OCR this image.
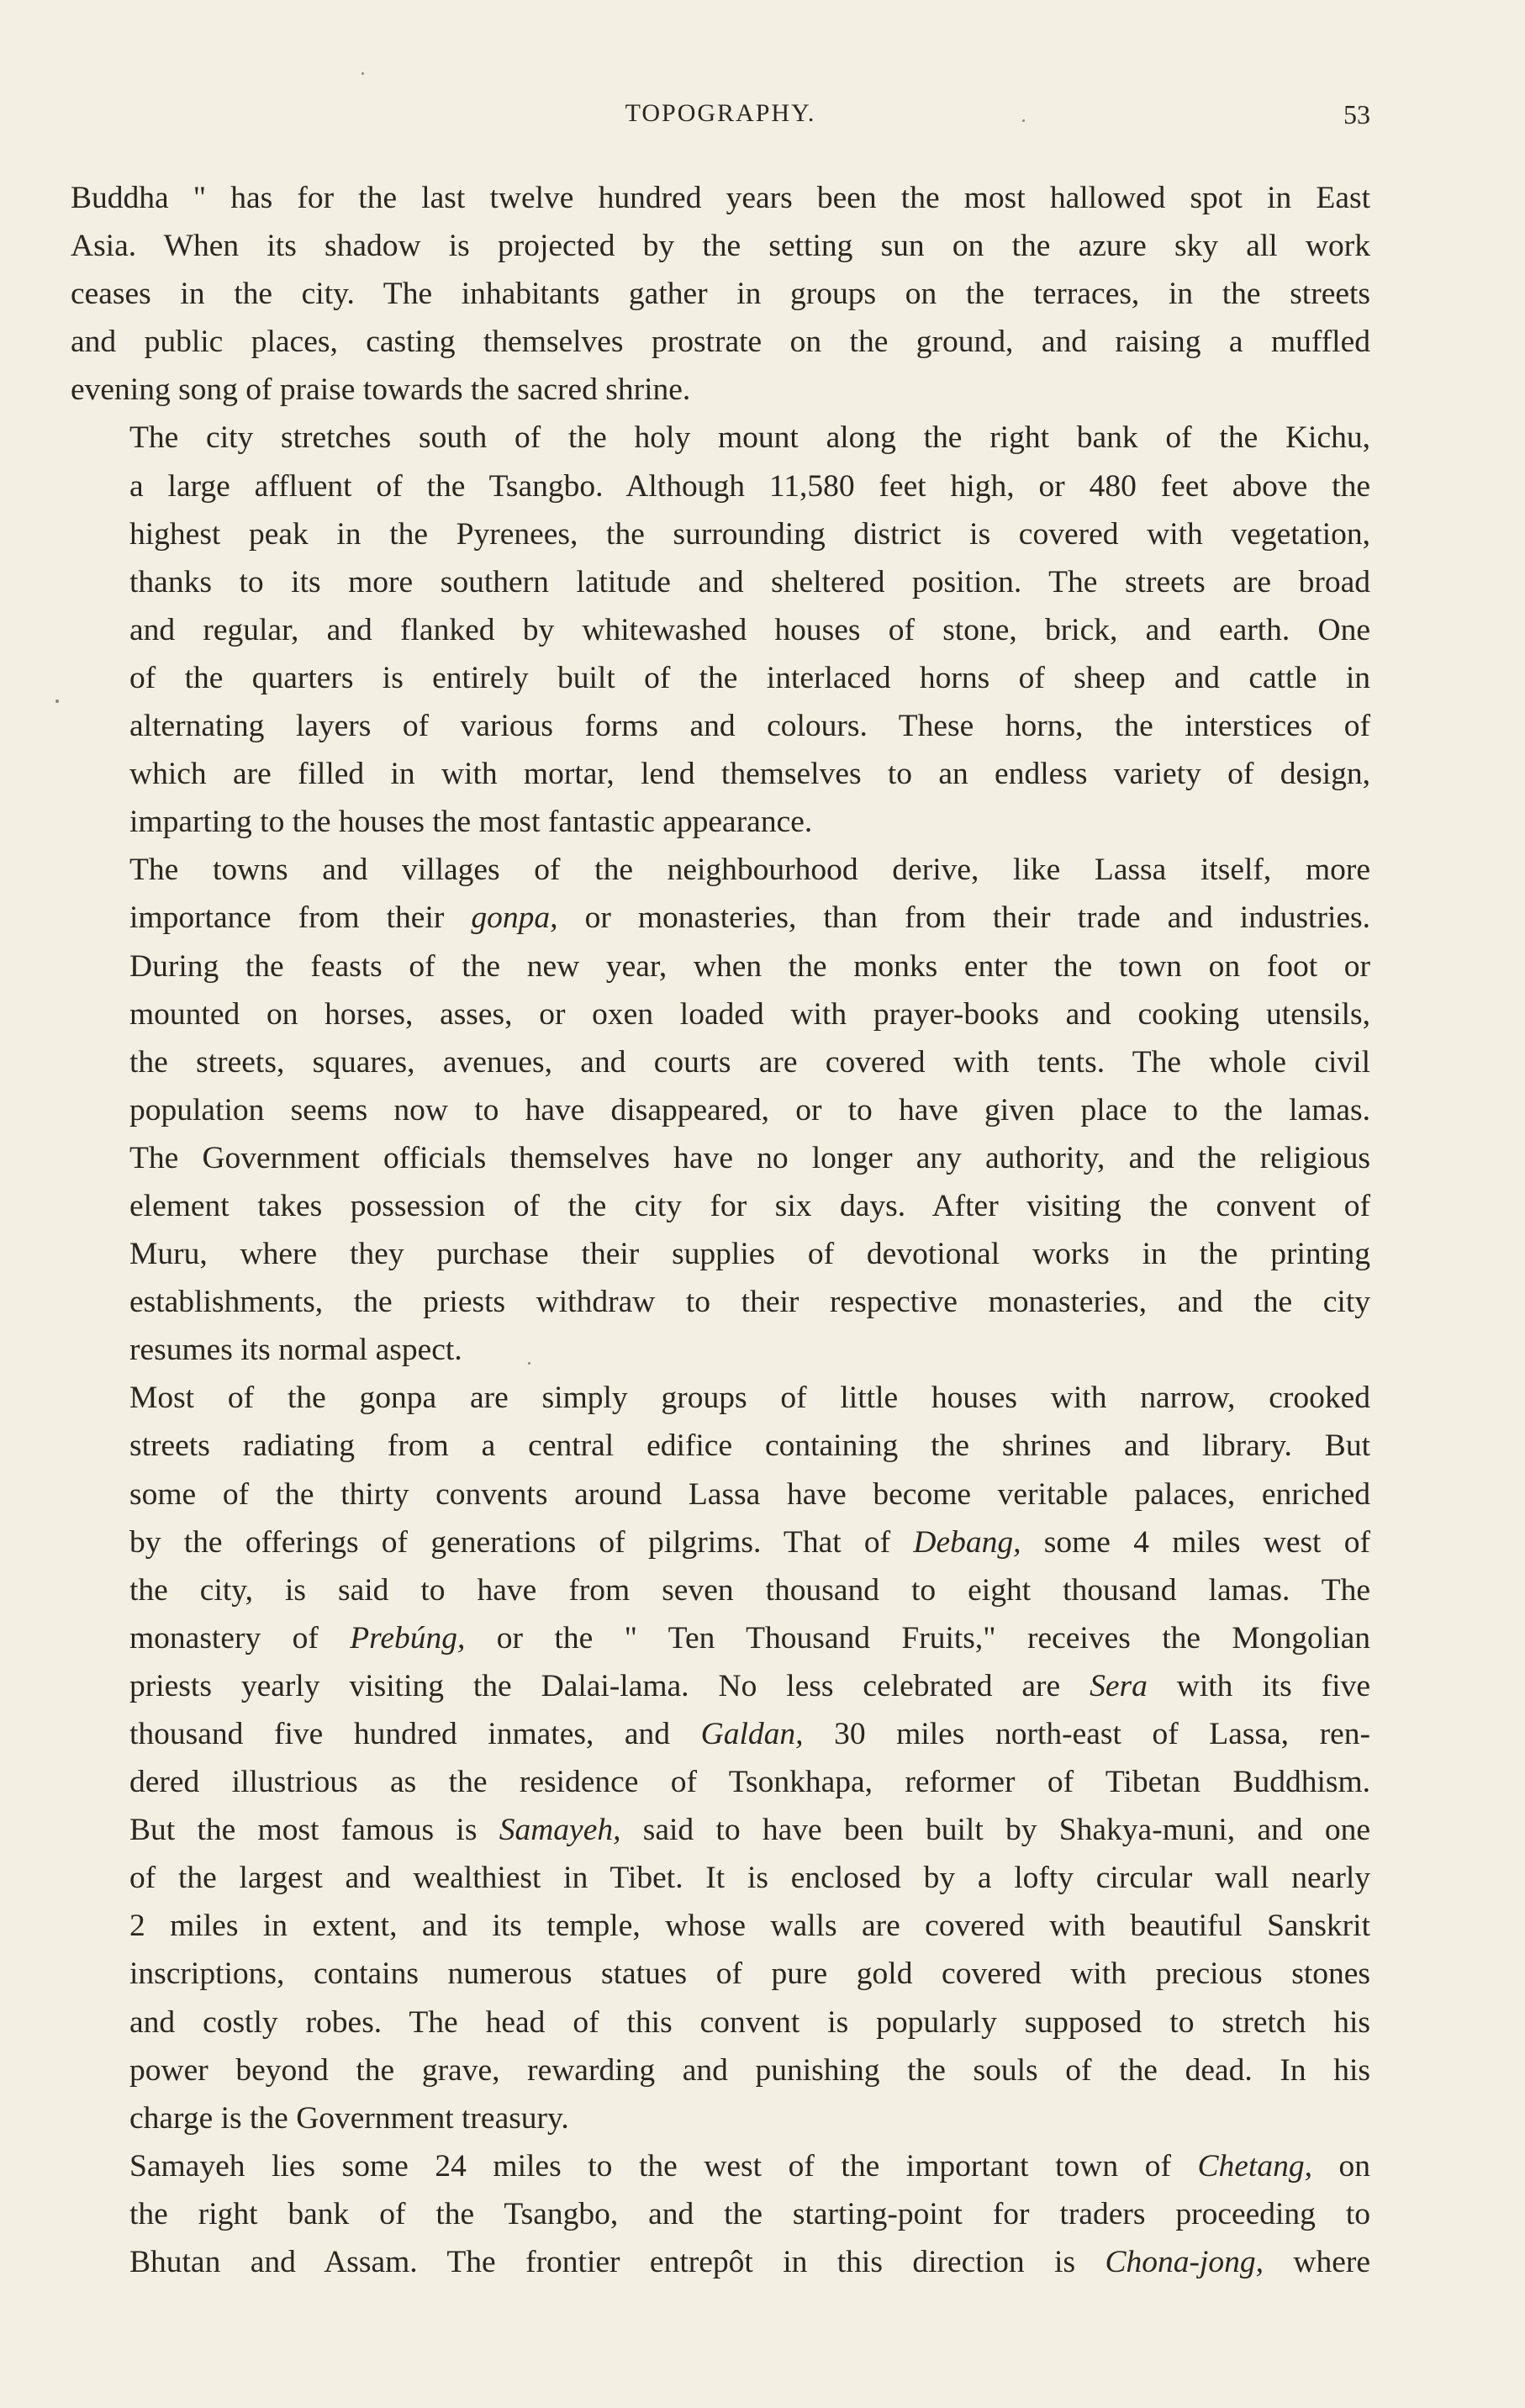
TOPOGRAPHY.	53

Buddha " has for the last twelve hundred years been the most hallowed spot in East
Asia. When its shadow is projected by the setting sun on the azure sky all work
ceases in the city. The inhabitants gather in groups on the terraces, in the streets
and public places, casting themselves prostrate on the ground, and raising a muffled
evening song of praise towards the sacred shrine.

The city stretches south of the holy mount along the right bank of the Kichu,
a large affluent of the Tsangbo. Although 11,580 feet high, or 480 feet above the
highest peak in the Pyrenees, the surrounding district is covered with vegetation,
thanks to its more southern latitude and sheltered position. The streets are broad
and regular, and flanked by whitewashed houses of stone, brick, and earth. One
of the quarters is entirely built of the interlaced horns of sheep and cattle in
alternating layers of various forms and colours. These horns, the interstices of
which are filled in with mortar, lend themselves to an endless variety of design,
imparting to the houses the most fantastic appearance.

The towns and villages of the neighbourhood derive, like Lassa itself, more
importance from their gonpa, or monasteries, than from their trade and industries.
During the feasts of the new year, when the monks enter the town on foot or
mounted on horses, asses, or oxen loaded with prayer-books and cooking utensils,
the streets, squares, avenues, and courts are covered with tents. The whole civil
population seems now to have disappeared, or to have given place to the lamas.
The Government officials themselves have no longer any authority, and the religious
element takes possession of the city for six days. After visiting the convent of
Muru, where they purchase their supplies of devotional works in the printing
establishments, the priests withdraw to their respective monasteries, and the city
resumes its normal aspect.

Most of the gonpa are simply groups of little houses with narrow, crooked
streets radiating from a central edifice containing the shrines and library. But
some of the thirty convents around Lassa have become veritable palaces, enriched
by the offerings of generations of pilgrims. That of Debang, some 4 miles west of
the city, is said to have from seven thousand to eight thousand lamas. The
monastery of Prebúng, or the " Ten Thousand Fruits," receives the Mongolian
priests yearly visiting the Dalai-lama. No less celebrated are Sera with its five
thousand five hundred inmates, and Galdan, 30 miles north-east of Lassa, ren-
dered illustrious as the residence of Tsonkhapa, reformer of Tibetan Buddhism.
But the most famous is Samayeh, said to have been built by Shakya-muni, and one
of the largest and wealthiest in Tibet. It is enclosed by a lofty circular wall nearly
2 miles in extent, and its temple, whose walls are covered with beautiful Sanskrit
inscriptions, contains numerous statues of pure gold covered with precious stones
and costly robes. The head of this convent is popularly supposed to stretch his
power beyond the grave, rewarding and punishing the souls of the dead. In his
charge is the Government treasury.

Samayeh lies some 24 miles to the west of the important town of Chetang, on
the right bank of the Tsangbo, and the starting-point for traders proceeding to
Bhutan and Assam. The frontier entrepôt in this direction is Chona-jong, where
